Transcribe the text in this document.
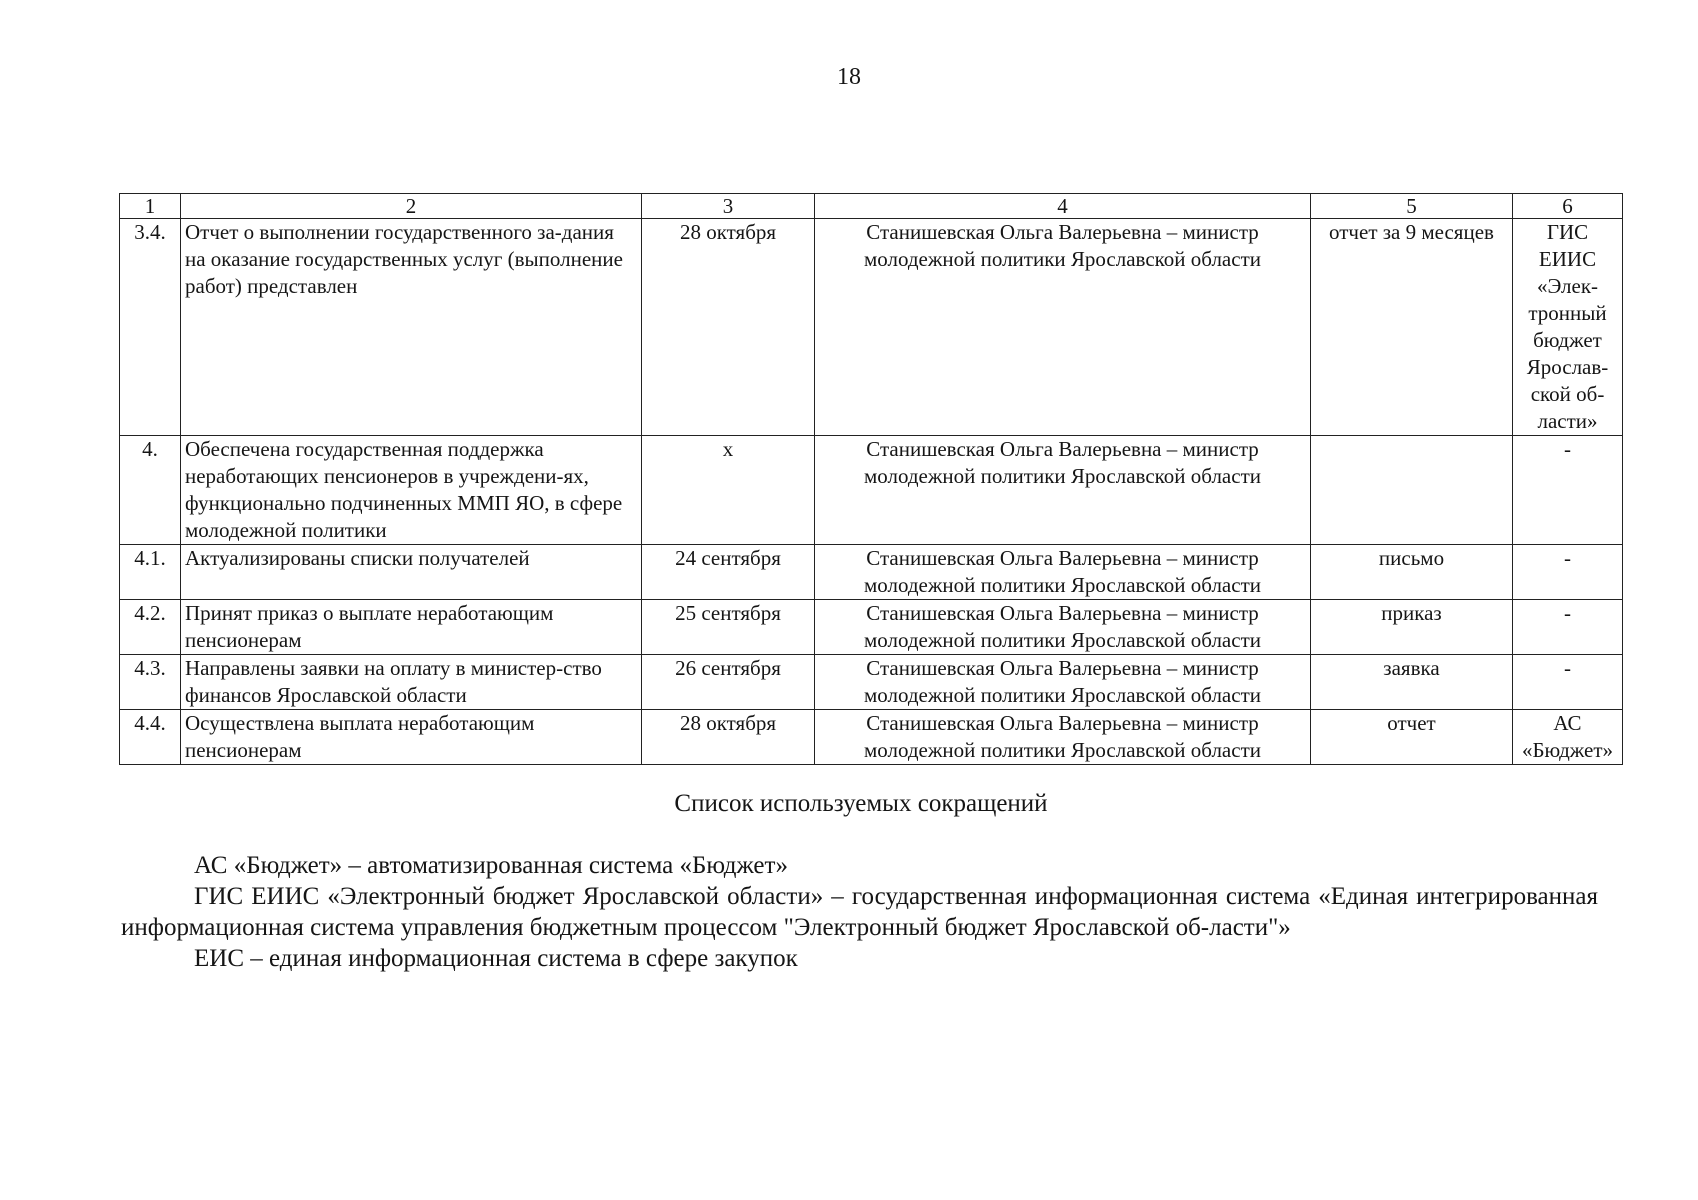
18
1	2	3	4	5	6
3.4.	Отчет о выполнении государственного за-дания на оказание государственных услуг (выполнение работ) представлен	28 октября	Станишевская Ольга Валерьевна – министр молодежной политики Ярославской области	отчет за 9 месяцев	ГИС ЕИИС «Элек-тронный бюджет Ярослав-ской об-ласти»
4.	Обеспечена государственная поддержка неработающих пенсионеров в учреждени-ях, функционально подчиненных ММП ЯО, в сфере молодежной политики	х	Станишевская Ольга Валерьевна – министр молодежной политики Ярославской области		-
4.1.	Актуализированы списки получателей	24 сентября	Станишевская Ольга Валерьевна – министр молодежной политики Ярославской области	письмо	-
4.2.	Принят приказ о выплате неработающим пенсионерам	25 сентября	Станишевская Ольга Валерьевна – министр молодежной политики Ярославской области	приказ	-
4.3.	Направлены заявки на оплату в министер-ство финансов Ярославской области	26 сентября	Станишевская Ольга Валерьевна – министр молодежной политики Ярославской области	заявка	-
4.4.	Осуществлена выплата неработающим пенсионерам	28 октября	Станишевская Ольга Валерьевна – министр молодежной политики Ярославской области	отчет	АС «Бюджет»
Список используемых сокращений

АС «Бюджет» – автоматизированная система «Бюджет»

ГИС ЕИИС «Электронный бюджет Ярославской области» – государственная информационная система «Единая интегрированная информационная система управления бюджетным процессом "Электронный бюджет Ярославской об-ласти"»

ЕИС – единая информационная система в сфере закупок
